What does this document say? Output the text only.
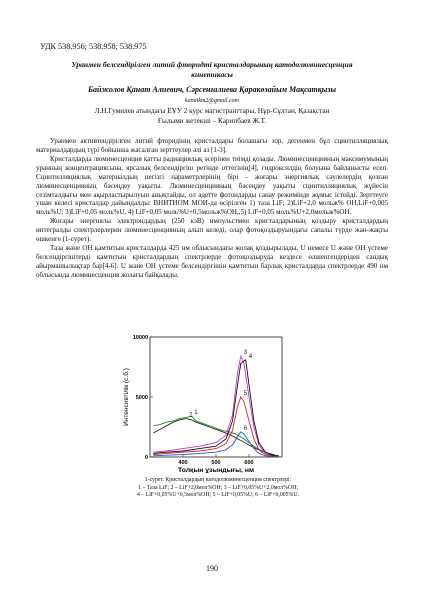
УДК 538.956; 538.958; 538.975
Уранмен белсендірілген литий фторидтi кристалдарының катодолюминесценция
кинетикасы
Байжолов Қанат Алиевич, Сәрсенғалиева Қаракөзайым Мақсатқызы
kanatkm2@gmail.com
Л.Н.Гумилев атындағы ЕҰУ 2 курс магистранттары, Нұр-Сұлтан, Қазақстан
Ғылыми жетекші – Карипбаев Ж.Т.

Уранмен активтендірілген литий фторидінің кристалдары болашағы зор, дегенмен бұл сцинтилляциялық материалдардың түрі бойынша жасалған зерттеулер әлі аз [1-3].

Кристалдарда люминесценция қатты радиациялық әсерінен тиімді қозады. Люминесценцияның максимумының уранның концентрациясына, ярсалық белсендіргіш ретінде оттегінің[4], гидроксилдің болуына байланысты есеп. Сцинтилляциялық материалдың негізгі параметрлерінің бірі - жоғары энергиялық сәулелердің қозған люминесценцияның бәсеңдеу уақыты. Люминесценцияның бәсеңдеу уақыты сцинтилляциялық жүйесін сезімталдығы мен ақырластырылуын анықтайды, ол әдетте фотондарды санау режимінде жұмыс істейді. Зерттеуге ушан келесі кристалдар дайындалды: ВНИТИОМ МОИ-да өсірілген 1) таза LiF; 2)LiF+2,0 мольж% OH,LiF+0,005 моль%U; 3)LiF+0,05 моль%U, 4) LiF+0,05 моль%U+0,5мольж%OH,,5) LiF+0,05 моль%U+2,0мольж%OH.

Жоғары энергиялы электрондардың (250 кэВ) импульстмен кристалдарының қоздыру кристалдардың интегралды спектрлерлерин люминесценцияның алып келеді, олар фотоқоздыруындағы сапалы түрде жан-жақты өшкенге (1-сурет).

Таза және OH қамтитын кристалдарда 425 нм облысындағы жолақ қоздырылады. U немесе U және OH үстеме белсендіргіштерді қамтитын кристалдардың спектрлерде фотоқоздыруда кездесе өлшенгендеріден сандық айырмашылықтар бар[4-6]. U және OH үстеме белсендіргішін қамтитын барлық кристалдарда спектрлерде 490 нм облысында люминесценция жолағы байқалады.

0
5000
10000
400	500	600
Интенсивтілік (с.б.)
Толқын ұзындығы, нм
1
2
3
4
5
6
1-сурет. Кристалдардың катодолюминесценция спектрлері:
1 – Таза LiF; 2 – LiF+2,0мол%OH; 3 – LiF+0,05%U+2,0мол%OH;
4 – LiF+0,05%U+0,5мол%OH; 5 – LiF+0,05%U; 6 – LiF+0,005%U.
190
